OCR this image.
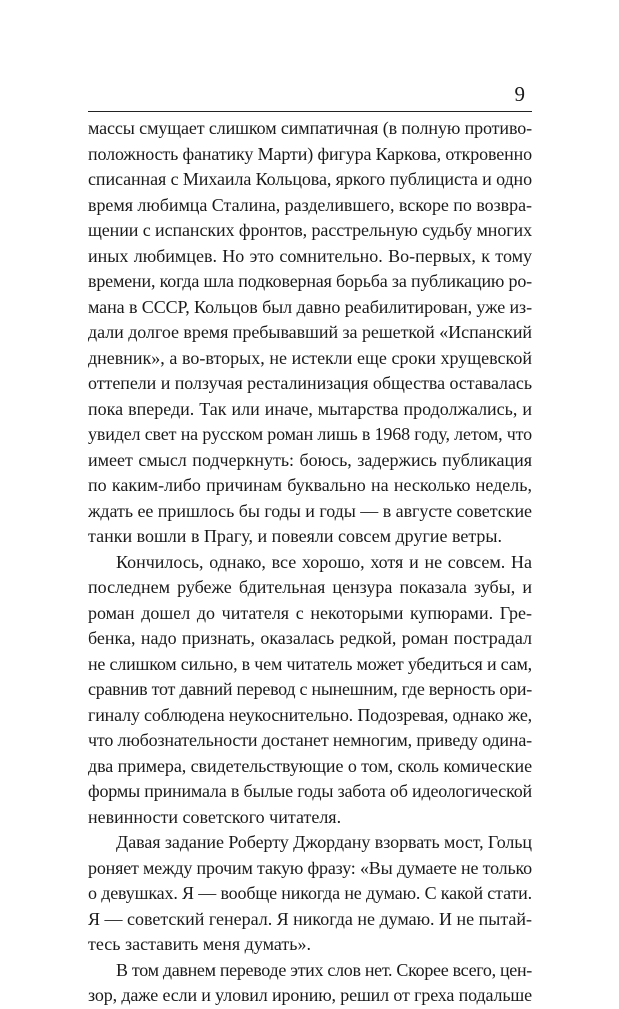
9
массы смущает слишком симпатичная (в полную противо-
положность фанатику Марти) фигура Каркова, откровенно
списанная с Михаила Кольцова, яркого публициста и одно
время любимца Сталина, разделившего, вскоре по возвра-
щении с испанских фронтов, расстрельную судьбу многих
иных любимцев. Но это сомнительно. Во-первых, к тому
времени, когда шла подковерная борьба за публикацию ро-
мана в СССР, Кольцов был давно реабилитирован, уже из-
дали долгое время пребывавший за решеткой «Испанский
дневник», а во-вторых, не истекли еще сроки хрущевской
оттепели и ползучая ресталинизация общества оставалась
пока впереди. Так или иначе, мытарства продолжались, и
увидел свет на русском роман лишь в 1968 году, летом, что
имеет смысл подчеркнуть: боюсь, задержись публикация
по каким-либо причинам буквально на несколько недель,
ждать ее пришлось бы годы и годы — в августе советские
танки вошли в Прагу, и повеяли совсем другие ветры.
Кончилось, однако, все хорошо, хотя и не совсем. На
последнем рубеже бдительная цензура показала зубы, и
роман дошел до читателя с некоторыми купюрами. Гре-
бенка, надо признать, оказалась редкой, роман пострадал
не слишком сильно, в чем читатель может убедиться и сам,
сравнив тот давний перевод с нынешним, где верность ори-
гиналу соблюдена неукоснительно. Подозревая, однако же,
что любознательности достанет немногим, приведу одина-
два примера, свидетельствующие о том, сколь комические
формы принимала в былые годы забота об идеологической
невинности советского читателя.
Давая задание Роберту Джордану взорвать мост, Гольц
роняет между прочим такую фразу: «Вы думаете не только
о девушках. Я — вообще никогда не думаю. С какой стати.
Я — советский генерал. Я никогда не думаю. И не пытай-
тесь заставить меня думать».
В том давнем переводе этих слов нет. Скорее всего, цен-
зор, даже если и уловил иронию, решил от греха подальше
